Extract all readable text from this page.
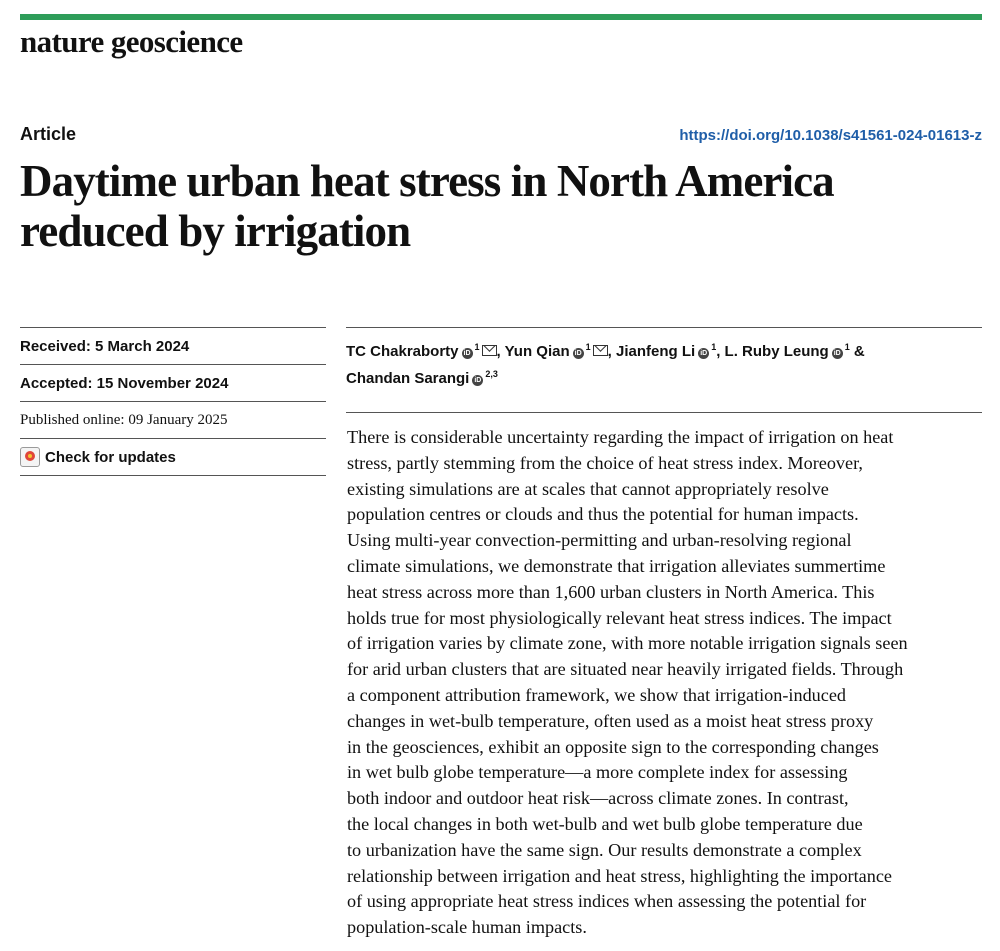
nature geoscience
Article	https://doi.org/10.1038/s41561-024-01613-z
Daytime urban heat stress in North America reduced by irrigation
Received: 5 March 2024
Accepted: 15 November 2024
Published online: 09 January 2025
Check for updates
TC Chakraborty iD$^1$ , Yun Qian iD$^1$ , Jianfeng Li iD$^1$, L. Ruby Leung iD$^1$ &
Chandan Sarangi iD$^{2,3}$

There is considerable uncertainty regarding the impact of irrigation on heat
stress, partly stemming from the choice of heat stress index. Moreover,
existing simulations are at scales that cannot appropriately resolve
population centres or clouds and thus the potential for human impacts.
Using multi-year convection-permitting and urban-resolving regional
climate simulations, we demonstrate that irrigation alleviates summertime
heat stress across more than 1,600 urban clusters in North America. This
holds true for most physiologically relevant heat stress indices. The impact
of irrigation varies by climate zone, with more notable irrigation signals seen
for arid urban clusters that are situated near heavily irrigated fields. Through
a component attribution framework, we show that irrigation-induced
changes in wet-bulb temperature, often used as a moist heat stress proxy
in the geosciences, exhibit an opposite sign to the corresponding changes
in wet bulb globe temperature—a more complete index for assessing
both indoor and outdoor heat risk—across climate zones. In contrast,
the local changes in both wet-bulb and wet bulb globe temperature due
to urbanization have the same sign. Our results demonstrate a complex
relationship between irrigation and heat stress, highlighting the importance
of using appropriate heat stress indices when assessing the potential for
population-scale human impacts.
